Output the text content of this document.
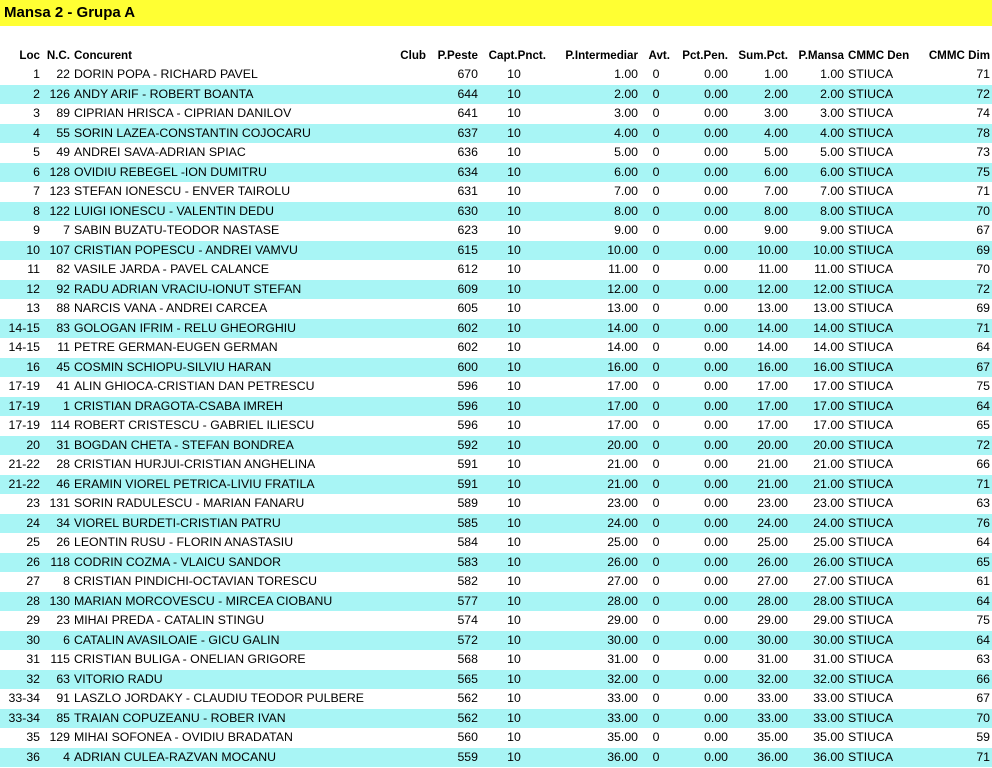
Mansa 2 - Grupa A
Loc	N.C.	Concurent	Club	P.Peste	Capt.Pnct.	P.Intermediar	Avt.	Pct.Pen.	Sum.Pct.	P.Mansa	CMMC Den	CMMC Dim
1	22	DORIN POPA - RICHARD PAVEL		670	10	1.00	0	0.00	1.00	1.00	STIUCA	71
2	126	ANDY ARIF - ROBERT BOANTA		644	10	2.00	0	0.00	2.00	2.00	STIUCA	72
3	89	CIPRIAN HRISCA - CIPRIAN DANILOV		641	10	3.00	0	0.00	3.00	3.00	STIUCA	74
4	55	SORIN LAZEA-CONSTANTIN COJOCARU		637	10	4.00	0	0.00	4.00	4.00	STIUCA	78
5	49	ANDREI SAVA-ADRIAN SPIAC		636	10	5.00	0	0.00	5.00	5.00	STIUCA	73
6	128	OVIDIU REBEGEL -ION DUMITRU		634	10	6.00	0	0.00	6.00	6.00	STIUCA	75
7	123	STEFAN IONESCU - ENVER TAIROLU		631	10	7.00	0	0.00	7.00	7.00	STIUCA	71
8	122	LUIGI IONESCU - VALENTIN DEDU		630	10	8.00	0	0.00	8.00	8.00	STIUCA	70
9	7	SABIN BUZATU-TEODOR NASTASE		623	10	9.00	0	0.00	9.00	9.00	STIUCA	67
10	107	CRISTIAN POPESCU - ANDREI VAMVU		615	10	10.00	0	0.00	10.00	10.00	STIUCA	69
11	82	VASILE JARDA - PAVEL CALANCE		612	10	11.00	0	0.00	11.00	11.00	STIUCA	70
12	92	RADU ADRIAN VRACIU-IONUT STEFAN		609	10	12.00	0	0.00	12.00	12.00	STIUCA	72
13	88	NARCIS VANA - ANDREI CARCEA		605	10	13.00	0	0.00	13.00	13.00	STIUCA	69
14-15	83	GOLOGAN IFRIM - RELU GHEORGHIU		602	10	14.00	0	0.00	14.00	14.00	STIUCA	71
14-15	11	PETRE GERMAN-EUGEN GERMAN		602	10	14.00	0	0.00	14.00	14.00	STIUCA	64
16	45	COSMIN SCHIOPU-SILVIU HARAN		600	10	16.00	0	0.00	16.00	16.00	STIUCA	67
17-19	41	ALIN GHIOCA-CRISTIAN DAN PETRESCU		596	10	17.00	0	0.00	17.00	17.00	STIUCA	75
17-19	1	CRISTIAN DRAGOTA-CSABA IMREH		596	10	17.00	0	0.00	17.00	17.00	STIUCA	64
17-19	114	ROBERT CRISTESCU - GABRIEL ILIESCU		596	10	17.00	0	0.00	17.00	17.00	STIUCA	65
20	31	BOGDAN CHETA - STEFAN BONDREA		592	10	20.00	0	0.00	20.00	20.00	STIUCA	72
21-22	28	CRISTIAN HURJUI-CRISTIAN ANGHELINA		591	10	21.00	0	0.00	21.00	21.00	STIUCA	66
21-22	46	ERAMIN VIOREL PETRICA-LIVIU FRATILA		591	10	21.00	0	0.00	21.00	21.00	STIUCA	71
23	131	SORIN RADULESCU - MARIAN FANARU		589	10	23.00	0	0.00	23.00	23.00	STIUCA	63
24	34	VIOREL BURDETI-CRISTIAN PATRU		585	10	24.00	0	0.00	24.00	24.00	STIUCA	76
25	26	LEONTIN RUSU - FLORIN ANASTASIU		584	10	25.00	0	0.00	25.00	25.00	STIUCA	64
26	118	CODRIN COZMA - VLAICU SANDOR		583	10	26.00	0	0.00	26.00	26.00	STIUCA	65
27	8	CRISTIAN PINDICHI-OCTAVIAN TORESCU		582	10	27.00	0	0.00	27.00	27.00	STIUCA	61
28	130	MARIAN MORCOVESCU - MIRCEA CIOBANU		577	10	28.00	0	0.00	28.00	28.00	STIUCA	64
29	23	MIHAI PREDA - CATALIN STINGU		574	10	29.00	0	0.00	29.00	29.00	STIUCA	75
30	6	CATALIN AVASILOAIE - GICU GALIN		572	10	30.00	0	0.00	30.00	30.00	STIUCA	64
31	115	CRISTIAN BULIGA - ONELIAN GRIGORE		568	10	31.00	0	0.00	31.00	31.00	STIUCA	63
32	63	VITORIO RADU		565	10	32.00	0	0.00	32.00	32.00	STIUCA	66
33-34	91	LASZLO JORDAKY - CLAUDIU TEODOR PULBERE		562	10	33.00	0	0.00	33.00	33.00	STIUCA	67
33-34	85	TRAIAN COPUZEANU - ROBER IVAN		562	10	33.00	0	0.00	33.00	33.00	STIUCA	70
35	129	MIHAI SOFONEA - OVIDIU BRADATAN		560	10	35.00	0	0.00	35.00	35.00	STIUCA	59
36	4	ADRIAN CULEA-RAZVAN MOCANU		559	10	36.00	0	0.00	36.00	36.00	STIUCA	71
